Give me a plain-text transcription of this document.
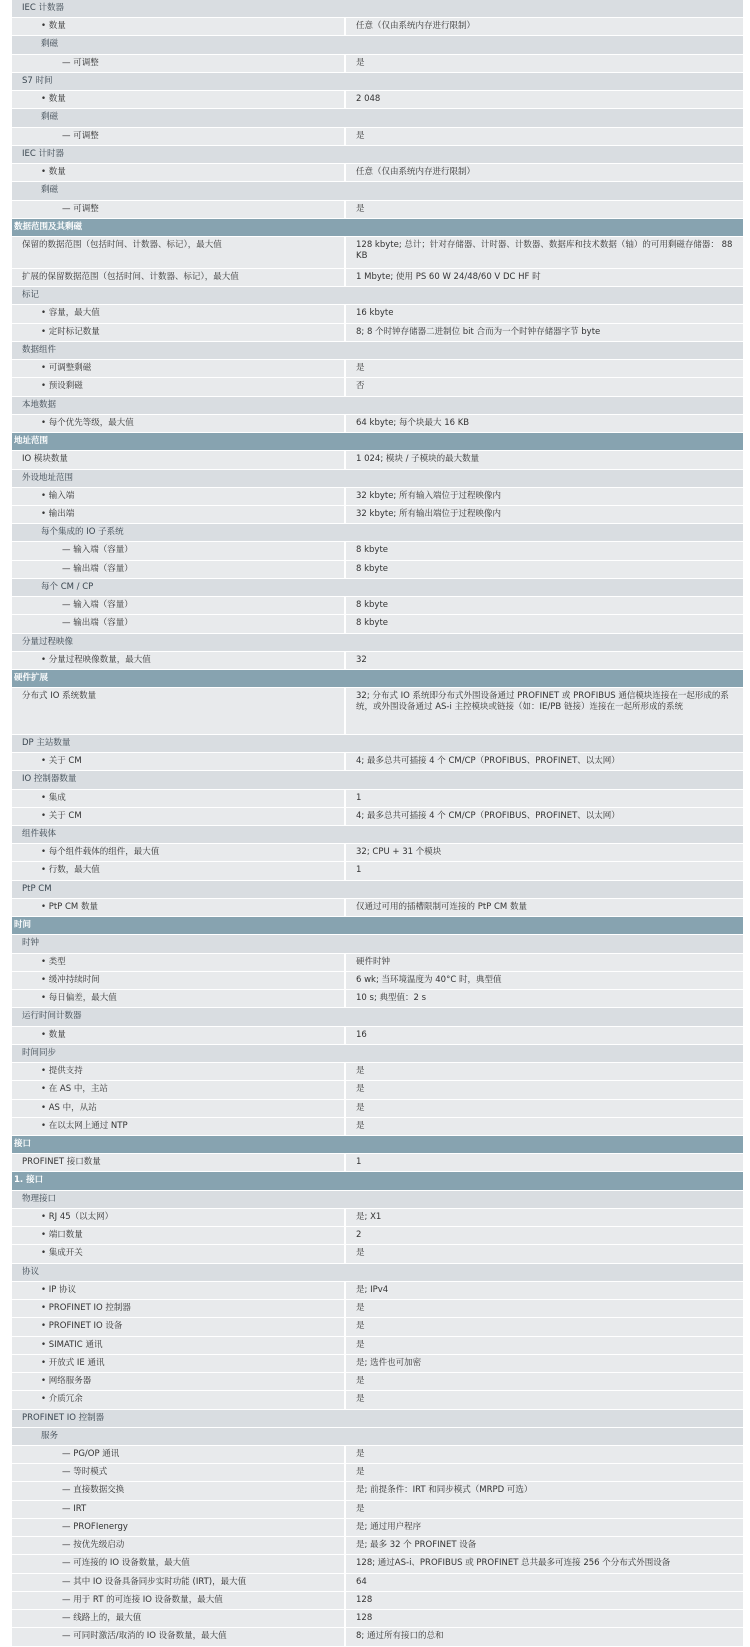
IEC 计数器
• 数量	任意（仅由系统内存进行限制）
剩磁
— 可调整	是
S7 时间
• 数量	2 048
剩磁
— 可调整	是
IEC 计时器
• 数量	任意（仅由系统内存进行限制）
剩磁
— 可调整	是
数据范围及其剩磁
保留的数据范围（包括时间、计数器、标记），最大值	128 kbyte; 总计；针对存储器、计时器、计数器、数据库和技术数据（轴）的可用剩磁存储器： 88 KB
扩展的保留数据范围（包括时间、计数器、标记），最大值	1 Mbyte; 使用 PS 60 W 24/48/60 V DC HF 时
标记
• 容量，最大值	16 kbyte
• 定时标记数量	8; 8 个时钟存储器二进制位 bit 合而为一个时钟存储器字节 byte
数据组件
• 可调整剩磁	是
• 预设剩磁	否
本地数据
• 每个优先等级，最大值	64 kbyte; 每个块最大 16 KB
地址范围
IO 模块数量	1 024; 模块 / 子模块的最大数量
外设地址范围
• 输入端	32 kbyte; 所有输入端位于过程映像内
• 输出端	32 kbyte; 所有输出端位于过程映像内
每个集成的 IO 子系统
— 输入端（容量）	8 kbyte
— 输出端（容量）	8 kbyte
每个 CM / CP
— 输入端（容量）	8 kbyte
— 输出端（容量）	8 kbyte
分量过程映像
• 分量过程映像数量，最大值	32
硬件扩展
分布式 IO 系统数量	32; 分布式 IO 系统即分布式外围设备通过 PROFINET 或 PROFIBUS 通信模块连接在一起形成的系统，或外围设备通过 AS-i 主控模块或链接（如：IE/PB 链接）连接在一起所形成的系统
DP 主站数量
• 关于 CM	4; 最多总共可插接 4 个 CM/CP（PROFIBUS、PROFINET、以太网）
IO 控制器数量
• 集成	1
• 关于 CM	4; 最多总共可插接 4 个 CM/CP（PROFIBUS、PROFINET、以太网）
组件载体
• 每个组件载体的组件，最大值	32; CPU + 31 个模块
• 行数，最大值	1
PtP CM
• PtP CM 数量	仅通过可用的插槽限制可连接的 PtP CM 数量
时间
时钟
• 类型	硬件时钟
• 缓冲持续时间	6 wk; 当环境温度为 40°C 时，典型值
• 每日偏差，最大值	10 s; 典型值：2 s
运行时间计数器
• 数量	16
时间同步
• 提供支持	是
• 在 AS 中，主站	是
• AS 中，从站	是
• 在以太网上通过 NTP	是
接口
PROFINET 接口数量	1
1. 接口
物理接口
• RJ 45（以太网）	是; X1
• 端口数量	2
• 集成开关	是
协议
• IP 协议	是; IPv4
• PROFINET IO 控制器	是
• PROFINET IO 设备	是
• SIMATIC 通讯	是
• 开放式 IE 通讯	是; 选件也可加密
• 网络服务器	是
• 介质冗余	是
PROFINET IO 控制器
服务
— PG/OP 通讯	是
— 等时模式	是
— 直接数据交换	是; 前提条件：IRT 和同步模式（MRPD 可选）
— IRT	是
— PROFIenergy	是; 通过用户程序
— 按优先级启动	是; 最多 32 个 PROFINET 设备
— 可连接的 IO 设备数量，最大值	128; 通过AS-i、PROFIBUS 或 PROFINET 总共最多可连接 256 个分布式外围设备
— 其中 IO 设备具备同步实时功能 (IRT)，最大值	64
— 用于 RT 的可连接 IO 设备数量，最大值	128
— 线路上的，最大值	128
— 可同时激活/取消的 IO 设备数量，最大值	8; 通过所有接口的总和
